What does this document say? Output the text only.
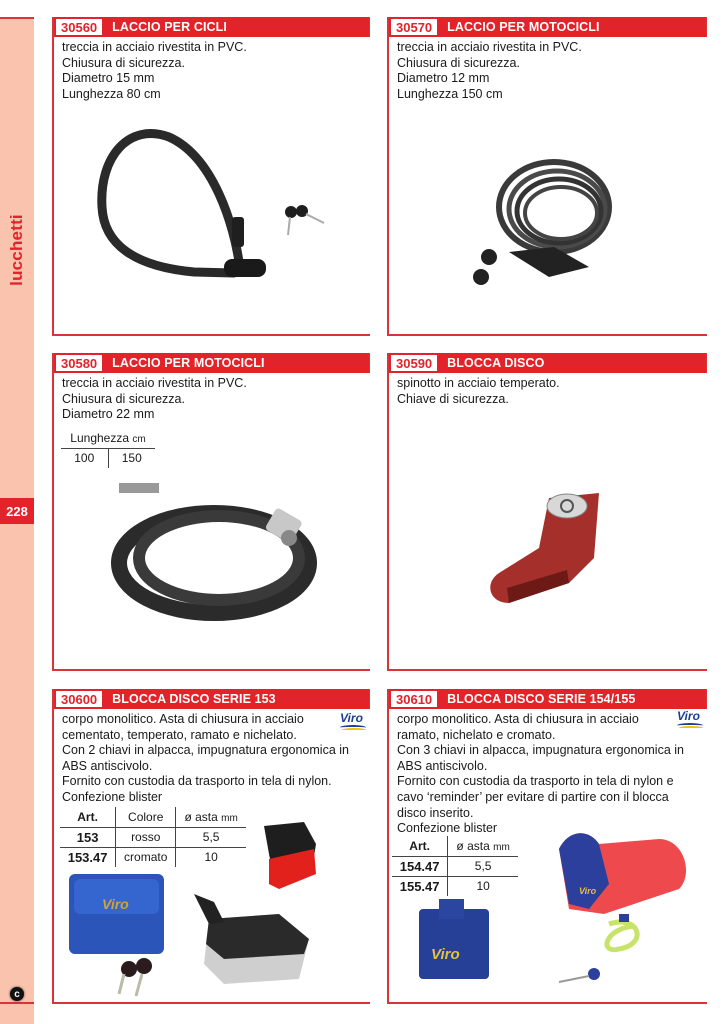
lucchetti
228
c
30560	LACCIO PER CICLI
treccia in acciaio rivestita in PVC.
Chiusura di sicurezza.
Diametro 15 mm
Lunghezza 80 cm
30570	LACCIO PER MOTOCICLI
treccia in acciaio rivestita in PVC.
Chiusura di sicurezza.
Diametro 12 mm
Lunghezza 150 cm
30580	LACCIO PER MOTOCICLI
treccia in acciaio rivestita in PVC.
Chiusura di sicurezza.
Diametro 22 mm
Lunghezza cm
100	150
30590	BLOCCA DISCO
spinotto in acciaio temperato.
Chiave di sicurezza.
30600	BLOCCA DISCO SERIE 153
Viro
corpo monolitico. Asta di chiusura in acciaio
cementato, temperato, ramato e nichelato.
Con 2 chiavi in alpacca, impugnatura ergonomica in
ABS antiscivolo.
Fornito con custodia da trasporto in tela di nylon.
Confezione blister
Art.	Colore	ø asta mm
153	rosso	5,5
153.47	cromato	10
Viro
30610	BLOCCA DISCO SERIE 154/155
Viro
corpo monolitico. Asta di chiusura in acciaio
ramato, nichelato e cromato.
Con 3 chiavi in alpacca, impugnatura ergonomica in
ABS antiscivolo.
Fornito con custodia da trasporto in tela di nylon e
cavo ‘reminder’ per evitare di partire con il blocca
disco inserito.
Confezione blister
Art.	ø asta mm
154.47	5,5
155.47	10	Viro
Viro
